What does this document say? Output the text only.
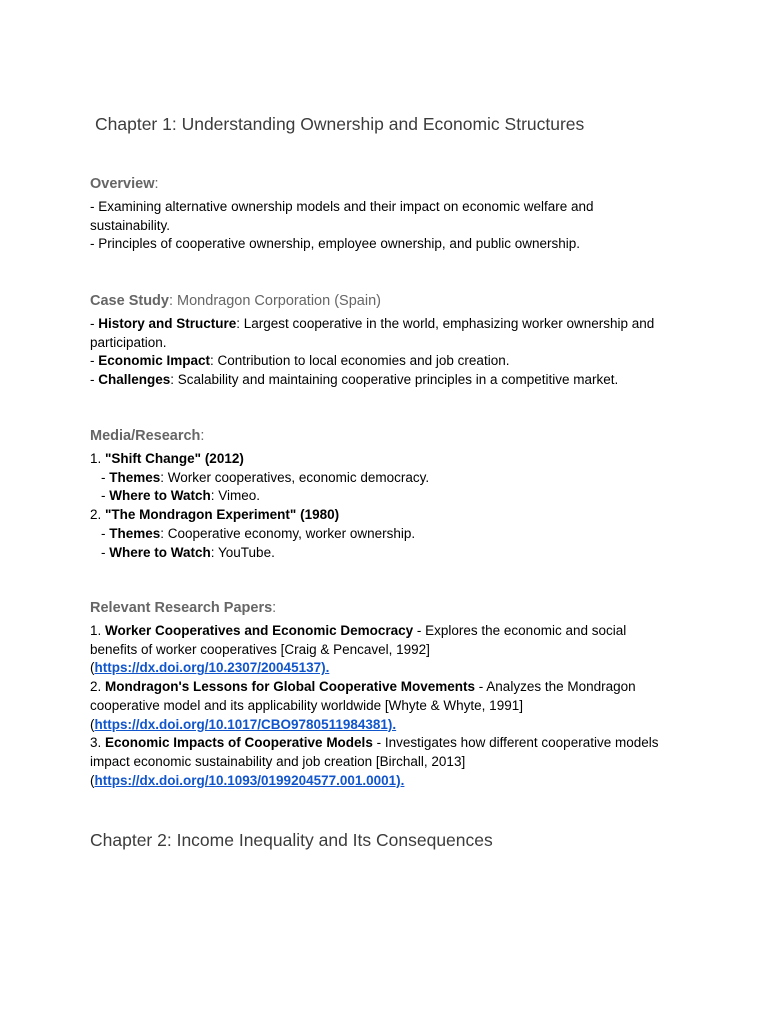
Chapter 1: Understanding Ownership and Economic Structures
Overview:
- Examining alternative ownership models and their impact on economic welfare and
sustainability.
- Principles of cooperative ownership, employee ownership, and public ownership.
Case Study: Mondragon Corporation (Spain)
- History and Structure: Largest cooperative in the world, emphasizing worker ownership and
participation.
- Economic Impact: Contribution to local economies and job creation.
- Challenges: Scalability and maintaining cooperative principles in a competitive market.
Media/Research:
1. "Shift Change" (2012)
- Themes: Worker cooperatives, economic democracy.
- Where to Watch: Vimeo.
2. "The Mondragon Experiment" (1980)
- Themes: Cooperative economy, worker ownership.
- Where to Watch: YouTube.
Relevant Research Papers:
1. Worker Cooperatives and Economic Democracy - Explores the economic and social
benefits of worker cooperatives [Craig & Pencavel, 1992]
(https://dx.doi.org/10.2307/20045137).
2. Mondragon's Lessons for Global Cooperative Movements - Analyzes the Mondragon
cooperative model and its applicability worldwide [Whyte & Whyte, 1991]
(https://dx.doi.org/10.1017/CBO9780511984381).
3. Economic Impacts of Cooperative Models - Investigates how different cooperative models
impact economic sustainability and job creation [Birchall, 2013]
(https://dx.doi.org/10.1093/0199204577.001.0001).
Chapter 2: Income Inequality and Its Consequences
